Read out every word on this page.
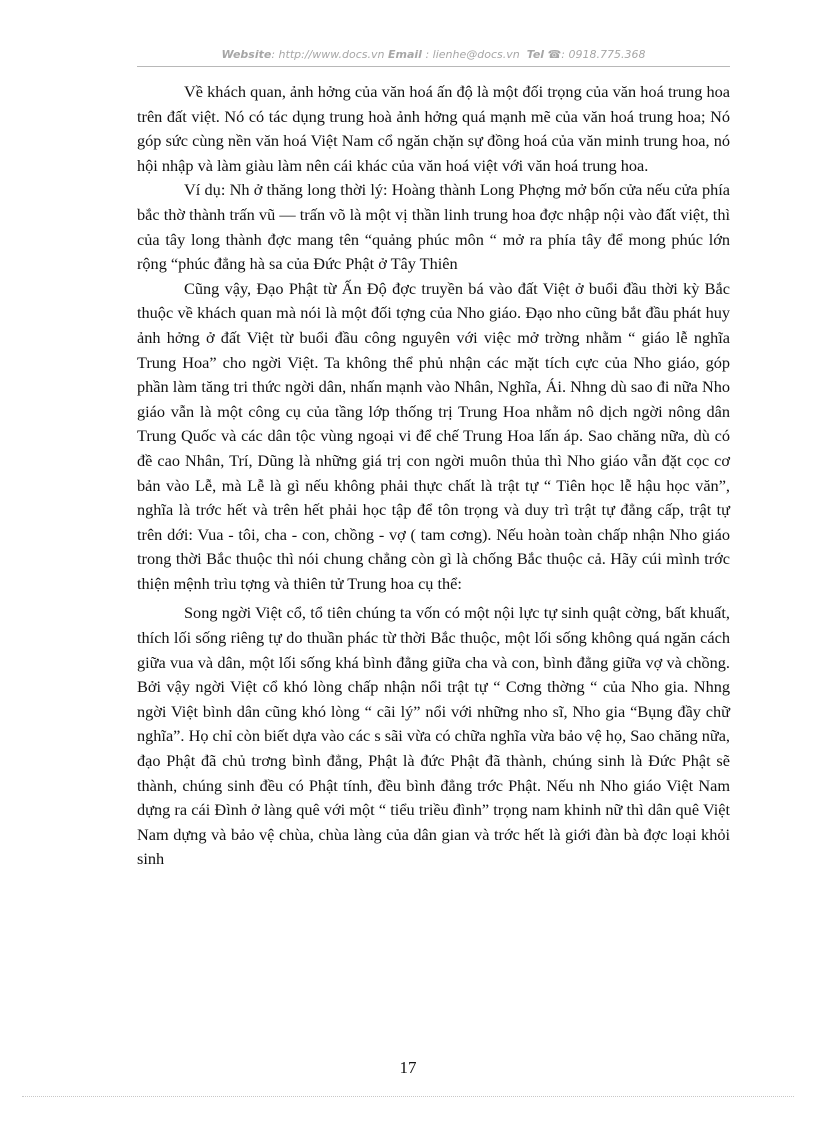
Website: http://www.docs.vn Email : lienhe@docs.vn Tel ☎: 0918.775.368

Về khách quan, ảnh hởng của văn hoá ấn độ là một đối trọng của văn hoá trung hoa trên đất việt. Nó có tác dụng trung hoà ảnh hởng quá mạnh mẽ của văn hoá trung hoa; Nó góp sức cùng nền văn hoá Việt Nam cổ ngăn chặn sự đồng hoá của văn minh trung hoa, nó hội nhập và làm giàu làm nên cái khác của văn hoá việt với văn hoá trung hoa.

Ví dụ: Nh ở thăng long thời lý: Hoàng thành Long Phợng mở bốn cửa nếu cửa phía bắc thờ thành trấn vũ — trấn võ là một vị thần linh trung hoa đợc nhập nội vào đất việt, thì của tây long thành đợc mang tên “quảng phúc môn “ mở ra phía tây để mong phúc lớn rộng “phúc đẳng hà sa của Đức Phật ở Tây Thiên

Cũng vậy, Đạo Phật từ Ấn Độ đợc truyền bá vào đất Việt ở buổi đầu thời kỳ Bắc thuộc về khách quan mà nói là một đối tợng của Nho giáo. Đạo nho cũng bắt đầu phát huy ảnh hởng ở đất Việt từ buổi đầu công nguyên với việc mở trờng nhằm “ giáo lễ nghĩa Trung Hoa” cho ngời Việt. Ta không thể phủ nhận các mặt tích cực của Nho giáo, góp phần làm tăng tri thức ngời dân, nhấn mạnh vào Nhân, Nghĩa, Ái. Nhng dù sao đi nữa Nho giáo vẫn là một công cụ của tầng lớp thống trị Trung Hoa nhằm nô dịch ngời nông dân Trung Quốc và các dân tộc vùng ngoại vi để chế Trung Hoa lấn áp. Sao chăng nữa, dù có đề cao Nhân, Trí, Dũng là những giá trị con ngời muôn thủa thì Nho giáo vẫn đặt cọc cơ bản vào Lễ, mà Lễ là gì nếu không phải thực chất là trật tự “ Tiên học lễ hậu học văn”, nghĩa là trớc hết và trên hết phải học tập để tôn trọng và duy trì trật tự đẳng cấp, trật tự trên dới: Vua - tôi, cha - con, chồng - vợ ( tam cơng). Nếu hoàn toàn chấp nhận Nho giáo trong thời Bắc thuộc thì nói chung chẳng còn gì là chống Bắc thuộc cả. Hãy cúi mình trớc thiện mệnh trìu tợng và thiên tử Trung hoa cụ thể:

Song ngời Việt cổ, tổ tiên chúng ta vốn có một nội lực tự sinh quật cờng, bất khuất, thích lối sống riêng tự do thuần phác từ thời Bắc thuộc, một lối sống không quá ngăn cách giữa vua và dân, một lối sống khá bình đẳng giữa cha và con, bình đẳng giữa vợ và chồng. Bởi vậy ngời Việt cổ khó lòng chấp nhận nổi trật tự “ Cơng thờng “ của Nho gia. Nhng ngời Việt bình dân cũng khó lòng “ cãi lý” nổi với những nho sĩ, Nho gia “Bụng đầy chữ nghĩa”. Họ chỉ còn biết dựa vào các s sãi vừa có chữa nghĩa vừa bảo vệ họ, Sao chăng nữa, đạo Phật đã chủ trơng bình đẳng, Phật là đức Phật đã thành, chúng sinh là Đức Phật sẽ thành, chúng sinh đều có Phật tính, đều bình đẳng trớc Phật. Nếu nh Nho giáo Việt Nam dựng ra cái Đình ở làng quê với một “ tiểu triều đình” trọng nam khinh nữ thì dân quê Việt Nam dựng và bảo vệ chùa, chùa làng của dân gian và trớc hết là giới đàn bà đợc loại khỏi sinh

17
